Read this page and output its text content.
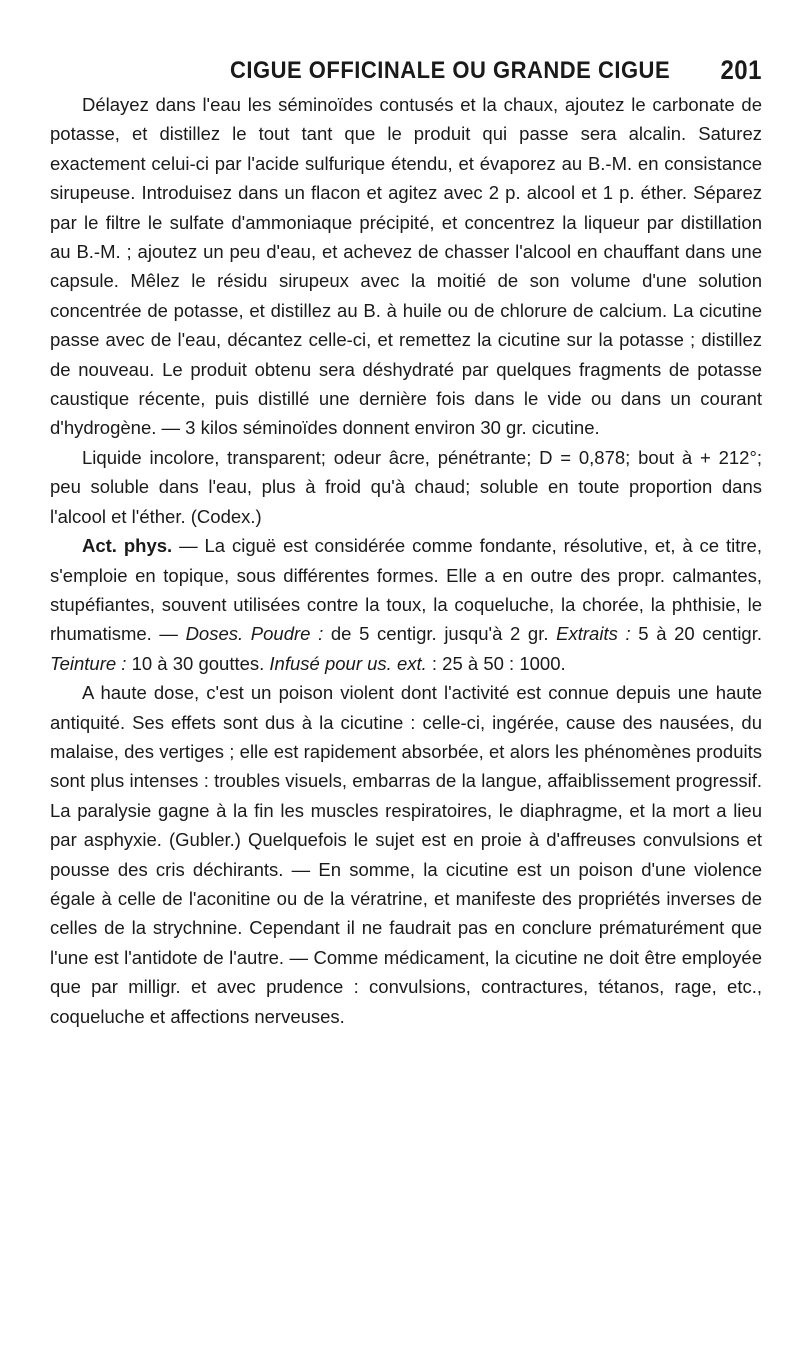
CIGUE OFFICINALE OU GRANDE CIGUE 201

Délayez dans l'eau les séminoïdes contusés et la chaux, ajoutez le carbonate de potasse, et distillez le tout tant que le produit qui passe sera alcalin. Saturez exactement celui-ci par l'acide sulfurique étendu, et évaporez au B.-M. en consistance sirupeuse. Introduisez dans un flacon et agitez avec 2 p. alcool et 1 p. éther. Séparez par le filtre le sulfate d'ammoniaque précipité, et concentrez la liqueur par distillation au B.-M. ; ajoutez un peu d'eau, et achevez de chasser l'alcool en chauffant dans une capsule. Mêlez le résidu sirupeux avec la moitié de son volume d'une solution concentrée de potasse, et distillez au B. à huile ou de chlorure de calcium. La cicutine passe avec de l'eau, décantez celle-ci, et remettez la cicutine sur la potasse ; distillez de nouveau. Le produit obtenu sera déshydraté par quelques fragments de potasse caustique récente, puis distillé une dernière fois dans le vide ou dans un courant d'hydrogène. — 3 kilos séminoïdes donnent environ 30 gr. cicutine.

Liquide incolore, transparent; odeur âcre, pénétrante; D = 0,878; bout à + 212°; peu soluble dans l'eau, plus à froid qu'à chaud; soluble en toute proportion dans l'alcool et l'éther. (Codex.)

Act. phys. — La ciguë est considérée comme fondante, résolutive, et, à ce titre, s'emploie en topique, sous différentes formes. Elle a en outre des propr. calmantes, stupéfiantes, souvent utilisées contre la toux, la coqueluche, la chorée, la phthisie, le rhumatisme. — Doses. Poudre : de 5 centigr. jusqu'à 2 gr. Extraits : 5 à 20 centigr. Teinture : 10 à 30 gouttes. Infusé pour us. ext. : 25 à 50 : 1000.

A haute dose, c'est un poison violent dont l'activité est connue depuis une haute antiquité. Ses effets sont dus à la cicutine : celle-ci, ingérée, cause des nausées, du malaise, des vertiges ; elle est rapidement absorbée, et alors les phénomènes produits sont plus intenses : troubles visuels, embarras de la langue, affaiblissement progressif. La paralysie gagne à la fin les muscles respiratoires, le diaphragme, et la mort a lieu par asphyxie. (Gubler.) Quelquefois le sujet est en proie à d'affreuses convulsions et pousse des cris déchirants. — En somme, la cicutine est un poison d'une violence égale à celle de l'aconitine ou de la vératrine, et manifeste des propriétés inverses de celles de la strychnine. Cependant il ne faudrait pas en conclure prématurément que l'une est l'antidote de l'autre. — Comme médicament, la cicutine ne doit être employée que par milligr. et avec prudence : convulsions, contractures, tétanos, rage, etc., coqueluche et affections nerveuses.
